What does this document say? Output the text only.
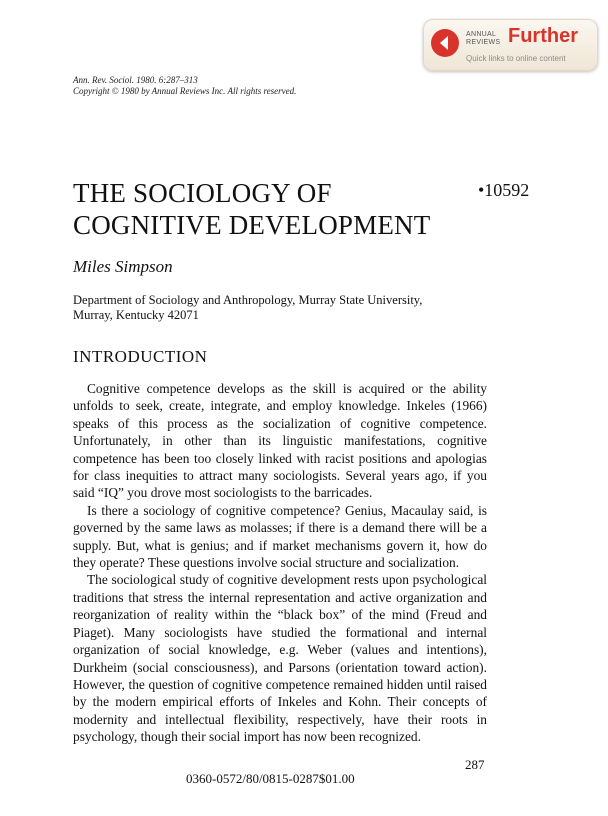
ANNUAL
REVIEWS Further
Quick links to online content
Ann. Rev. Sociol. 1980. 6:287–313
Copyright © 1980 by Annual Reviews Inc. All rights reserved.
THE SOCIOLOGY OF
COGNITIVE DEVELOPMENT
•10592
Miles Simpson
Department of Sociology and Anthropology, Murray State University,
Murray, Kentucky 42071
INTRODUCTION

Cognitive competence develops as the skill is acquired or the ability unfolds to seek, create, integrate, and employ knowledge. Inkeles (1966) speaks of this process as the socialization of cognitive competence. Unfortunately, in other than its linguistic manifestations, cognitive competence has been too closely linked with racist positions and apologias for class inequities to attract many sociologists. Several years ago, if you said “IQ” you drove most sociologists to the barricades.

Is there a sociology of cognitive competence? Genius, Macaulay said, is governed by the same laws as molasses; if there is a demand there will be a supply. But, what is genius; and if market mechanisms govern it, how do they operate? These questions involve social structure and socialization.

The sociological study of cognitive development rests upon psychological traditions that stress the internal representation and active organization and reorganization of reality within the “black box” of the mind (Freud and Piaget). Many sociologists have studied the formational and internal organization of social knowledge, e.g. Weber (values and intentions), Durkheim (social consciousness), and Parsons (orientation toward action). However, the question of cognitive competence remained hidden until raised by the modern empirical efforts of Inkeles and Kohn. Their concepts of modernity and intellectual flexibility, respectively, have their roots in psychology, though their social import has now been recognized.

287
0360-0572/80/0815-0287$01.00
